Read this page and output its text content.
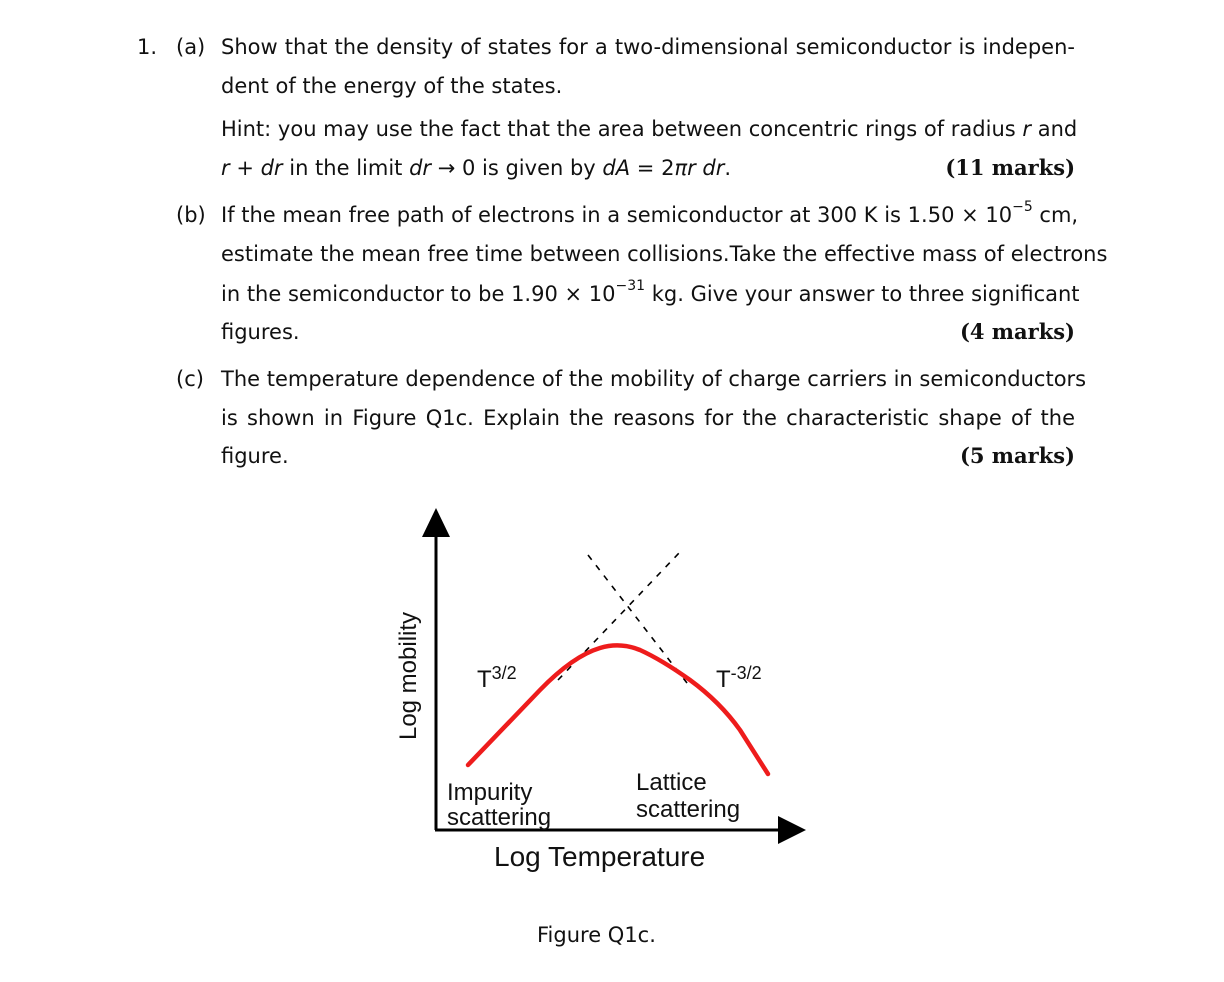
1. (a) Show that the density of states for a two-dimensional semiconductor is indepen-
dent of the energy of the states.
Hint: you may use the fact that the area between concentric rings of radius r and
r + dr in the limit dr → 0 is given by dA = 2πr dr.	(11 marks)
(b) If the mean free path of electrons in a semiconductor at 300 K is $1.50 \times 10^{-5}$ cm,
estimate the mean free time between collisions.Take the effective mass of electrons
in the semiconductor to be $1.90 \times 10^{-31}$ kg. Give your answer to three significant
figures.	(4 marks)
(c) The temperature dependence of the mobility of charge carriers in semiconductors
is shown in Figure Q1c. Explain the reasons for the characteristic shape of the
figure.	(5 marks)
Log mobility $T^{3/2}$	$T^{-3/2}$
Impurity
scattering
Lattice
scattering
Log Temperature
Figure Q1c.
